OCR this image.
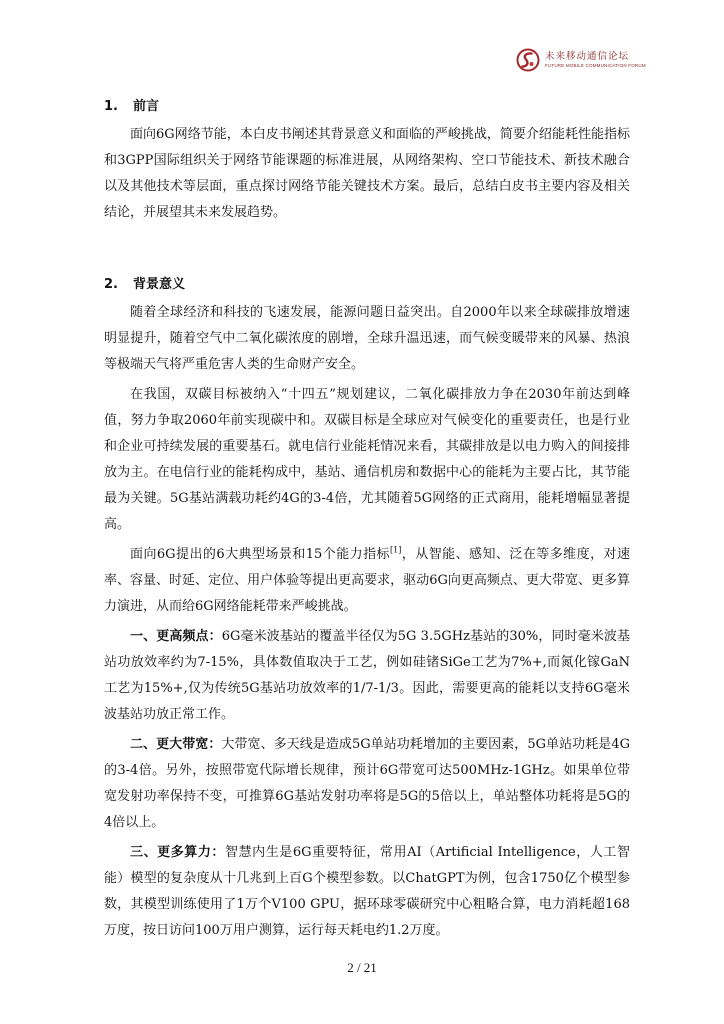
未来移动通信论坛
FUTURE MOBILE COMMUNICATION FORUM
1. 前言

面向6G网络节能，本白皮书阐述其背景意义和面临的严峻挑战，简要介绍能耗性能指标和3GPP国际组织关于网络节能课题的标准进展，从网络架构、空口节能技术、新技术融合以及其他技术等层面，重点探讨网络节能关键技术方案。最后，总结白皮书主要内容及相关结论，并展望其未来发展趋势。

2. 背景意义

随着全球经济和科技的飞速发展，能源问题日益突出。自2000年以来全球碳排放增速明显提升，随着空气中二氧化碳浓度的剧增，全球升温迅速，而气候变暖带来的风暴、热浪等极端天气将严重危害人类的生命财产安全。

在我国，双碳目标被纳入“十四五”规划建议，二氧化碳排放力争在2030年前达到峰值，努力争取2060年前实现碳中和。双碳目标是全球应对气候变化的重要责任，也是行业和企业可持续发展的重要基石。就电信行业能耗情况来看，其碳排放是以电力购入的间接排放为主。在电信行业的能耗构成中，基站、通信机房和数据中心的能耗为主要占比，其节能最为关键。5G基站满载功耗约4G的3-4倍，尤其随着5G网络的正式商用，能耗增幅显著提高。

面向6G提出的6大典型场景和15个能力指标[1]，从智能、感知、泛在等多维度，对速率、容量、时延、定位、用户体验等提出更高要求，驱动6G向更高频点、更大带宽、更多算力演进，从而给6G网络能耗带来严峻挑战。

一、更高频点：6G毫米波基站的覆盖半径仅为5G 3.5GHz基站的30%，同时毫米波基站功放效率约为7-15%，具体数值取决于工艺，例如硅锗SiGe工艺为7%+,而氮化镓GaN工艺为15%+,仅为传统5G基站功放效率的1/7-1/3。因此，需要更高的能耗以支持6G毫米波基站功放正常工作。

二、更大带宽：大带宽、多天线是造成5G单站功耗增加的主要因素，5G单站功耗是4G的3-4倍。另外，按照带宽代际增长规律，预计6G带宽可达500MHz-1GHz。如果单位带宽发射功率保持不变，可推算6G基站发射功率将是5G的5倍以上，单站整体功耗将是5G的4倍以上。

三、更多算力：智慧内生是6G重要特征，常用AI（Artificial Intelligence，人工智能）模型的复杂度从十几兆到上百G个模型参数。以ChatGPT为例，包含1750亿个模型参数，其模型训练使用了1万个V100 GPU，据环球零碳研究中心粗略合算，电力消耗超168万度，按日访问100万用户测算，运行每天耗电约1.2万度。

2 / 21
